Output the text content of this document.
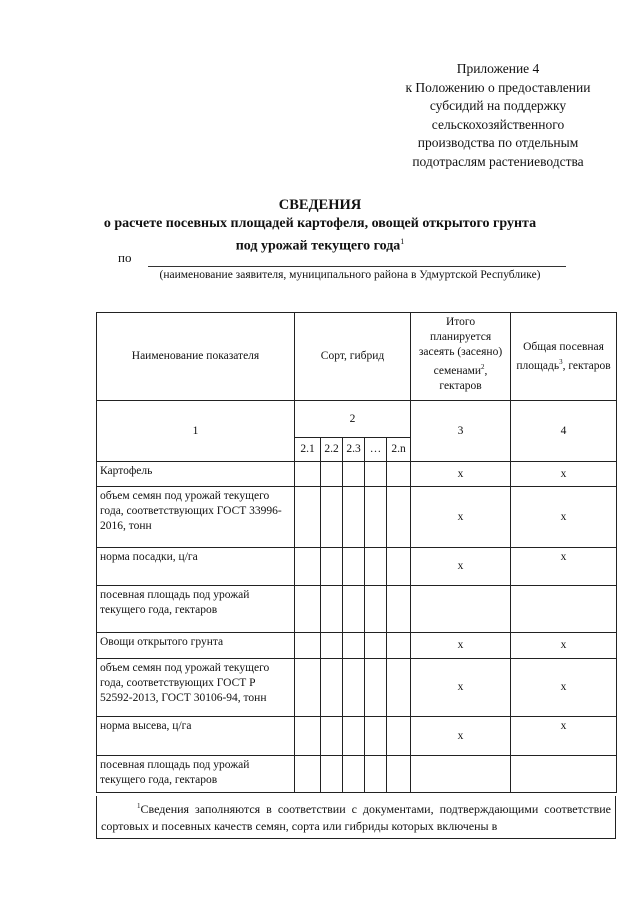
Приложение 4
к Положению о предоставлении
субсидий на поддержку
сельскохозяйственного
производства по отдельным
подотраслям растениеводства
СВЕДЕНИЯ
о расчете посевных площадей картофеля, овощей открытого грунта
под урожай текущего года$^1$
по
(наименование заявителя, муниципального района в Удмуртской Республике)
Наименование показателя	Сорт, гибрид					Итого планируется засеять (засеяно) семенами$^2$, гектаров	Общая посевная площадь$^3$, гектаров
1	2					3	4
	2.1	2.2	2.3	…	2.n		
Картофель						x	x
объем семян под урожай текущего года, соответствующих ГОСТ 33996-2016, тонн						x	x
норма посадки, ц/га						x	x
посевная площадь под урожай текущего года, гектаров							
Овощи открытого грунта						x	x
объем семян под урожай текущего года, соответствующих ГОСТ Р 52592-2013, ГОСТ 30106-94, тонн						x	x
норма высева, ц/га						x	x
посевная площадь под урожай текущего года, гектаров							
$^1$Сведения заполняются в соответствии с документами, подтверждающими соответствие сортовых и посевных качеств семян, сорта или гибриды которых включены в
